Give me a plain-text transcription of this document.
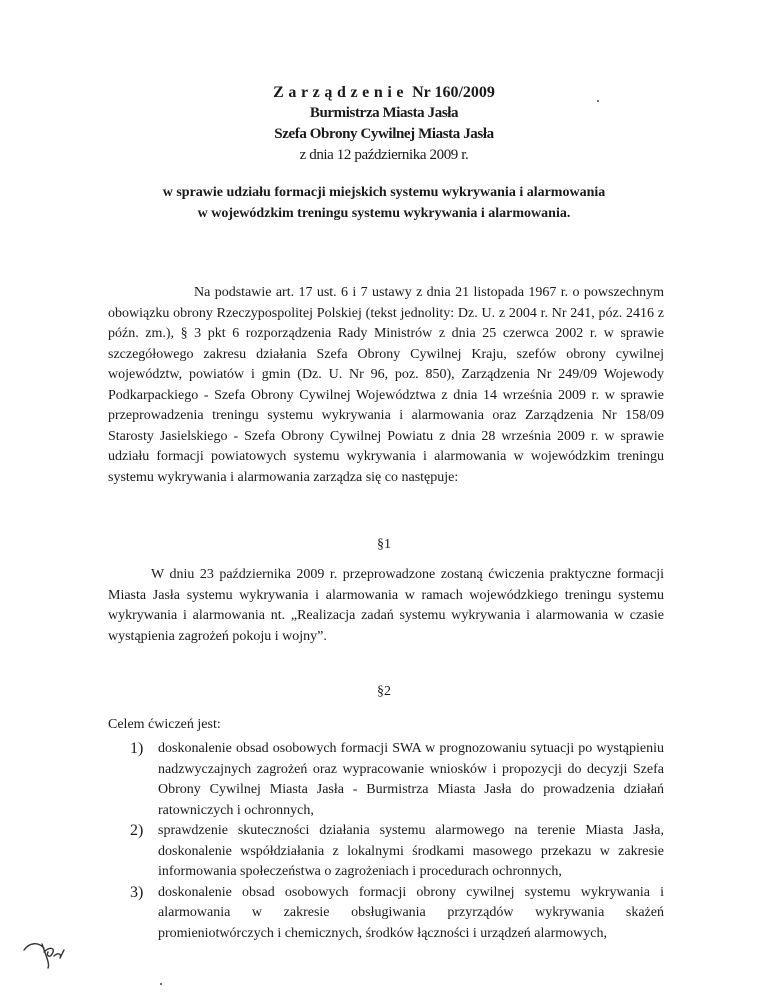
Zarządzenie Nr 160/2009
Burmistrza Miasta Jasła
Szefa Obrony Cywilnej Miasta Jasła
z dnia 12 października 2009 r.
w sprawie udziału formacji miejskich systemu wykrywania i alarmowania
w wojewódzkim treningu systemu wykrywania i alarmowania.

Na podstawie art. 17 ust. 6 i 7 ustawy z dnia 21 listopada 1967 r. o powszechnym obowiązku obrony Rzeczypospolitej Polskiej (tekst jednolity: Dz. U. z 2004 r. Nr 241, póz. 2416 z późn. zm.), § 3 pkt 6 rozporządzenia Rady Ministrów z dnia 25 czerwca 2002 r. w sprawie szczegółowego zakresu działania Szefa Obrony Cywilnej Kraju, szefów obrony cywilnej województw, powiatów i gmin (Dz. U. Nr 96, poz. 850), Zarządzenia Nr 249/09 Wojewody Podkarpackiego - Szefa Obrony Cywilnej Województwa z dnia 14 września 2009 r. w sprawie przeprowadzenia treningu systemu wykrywania i alarmowania oraz Zarządzenia Nr 158/09 Starosty Jasielskiego - Szefa Obrony Cywilnej Powiatu z dnia 28 września 2009 r. w sprawie udziału formacji powiatowych systemu wykrywania i alarmowania w wojewódzkim treningu systemu wykrywania i alarmowania zarządza się co następuje:

§1

W dniu 23 października 2009 r. przeprowadzone zostaną ćwiczenia praktyczne formacji Miasta Jasła systemu wykrywania i alarmowania w ramach wojewódzkiego treningu systemu wykrywania i alarmowania nt. „Realizacja zadań systemu wykrywania i alarmowania w czasie wystąpienia zagrożeń pokoju i wojny”.

§2

Celem ćwiczeń jest:

1)	doskonalenie obsad osobowych formacji SWA w prognozowaniu sytuacji po wystąpieniu nadzwyczajnych zagrożeń oraz wypracowanie wniosków i propozycji do decyzji Szefa Obrony Cywilnej Miasta Jasła - Burmistrza Miasta Jasła do prowadzenia działań ratowniczych i ochronnych,
2)	sprawdzenie skuteczności działania systemu alarmowego na terenie Miasta Jasła, doskonalenie współdziałania z lokalnymi środkami masowego przekazu w zakresie informowania społeczeństwa o zagrożeniach i procedurach ochronnych,
3)	doskonalenie obsad osobowych formacji obrony cywilnej systemu wykrywania i alarmowania w zakresie obsługiwania przyrządów wykrywania skażeń promieniotwórczych i chemicznych, środków łączności i urządzeń alarmowych,
